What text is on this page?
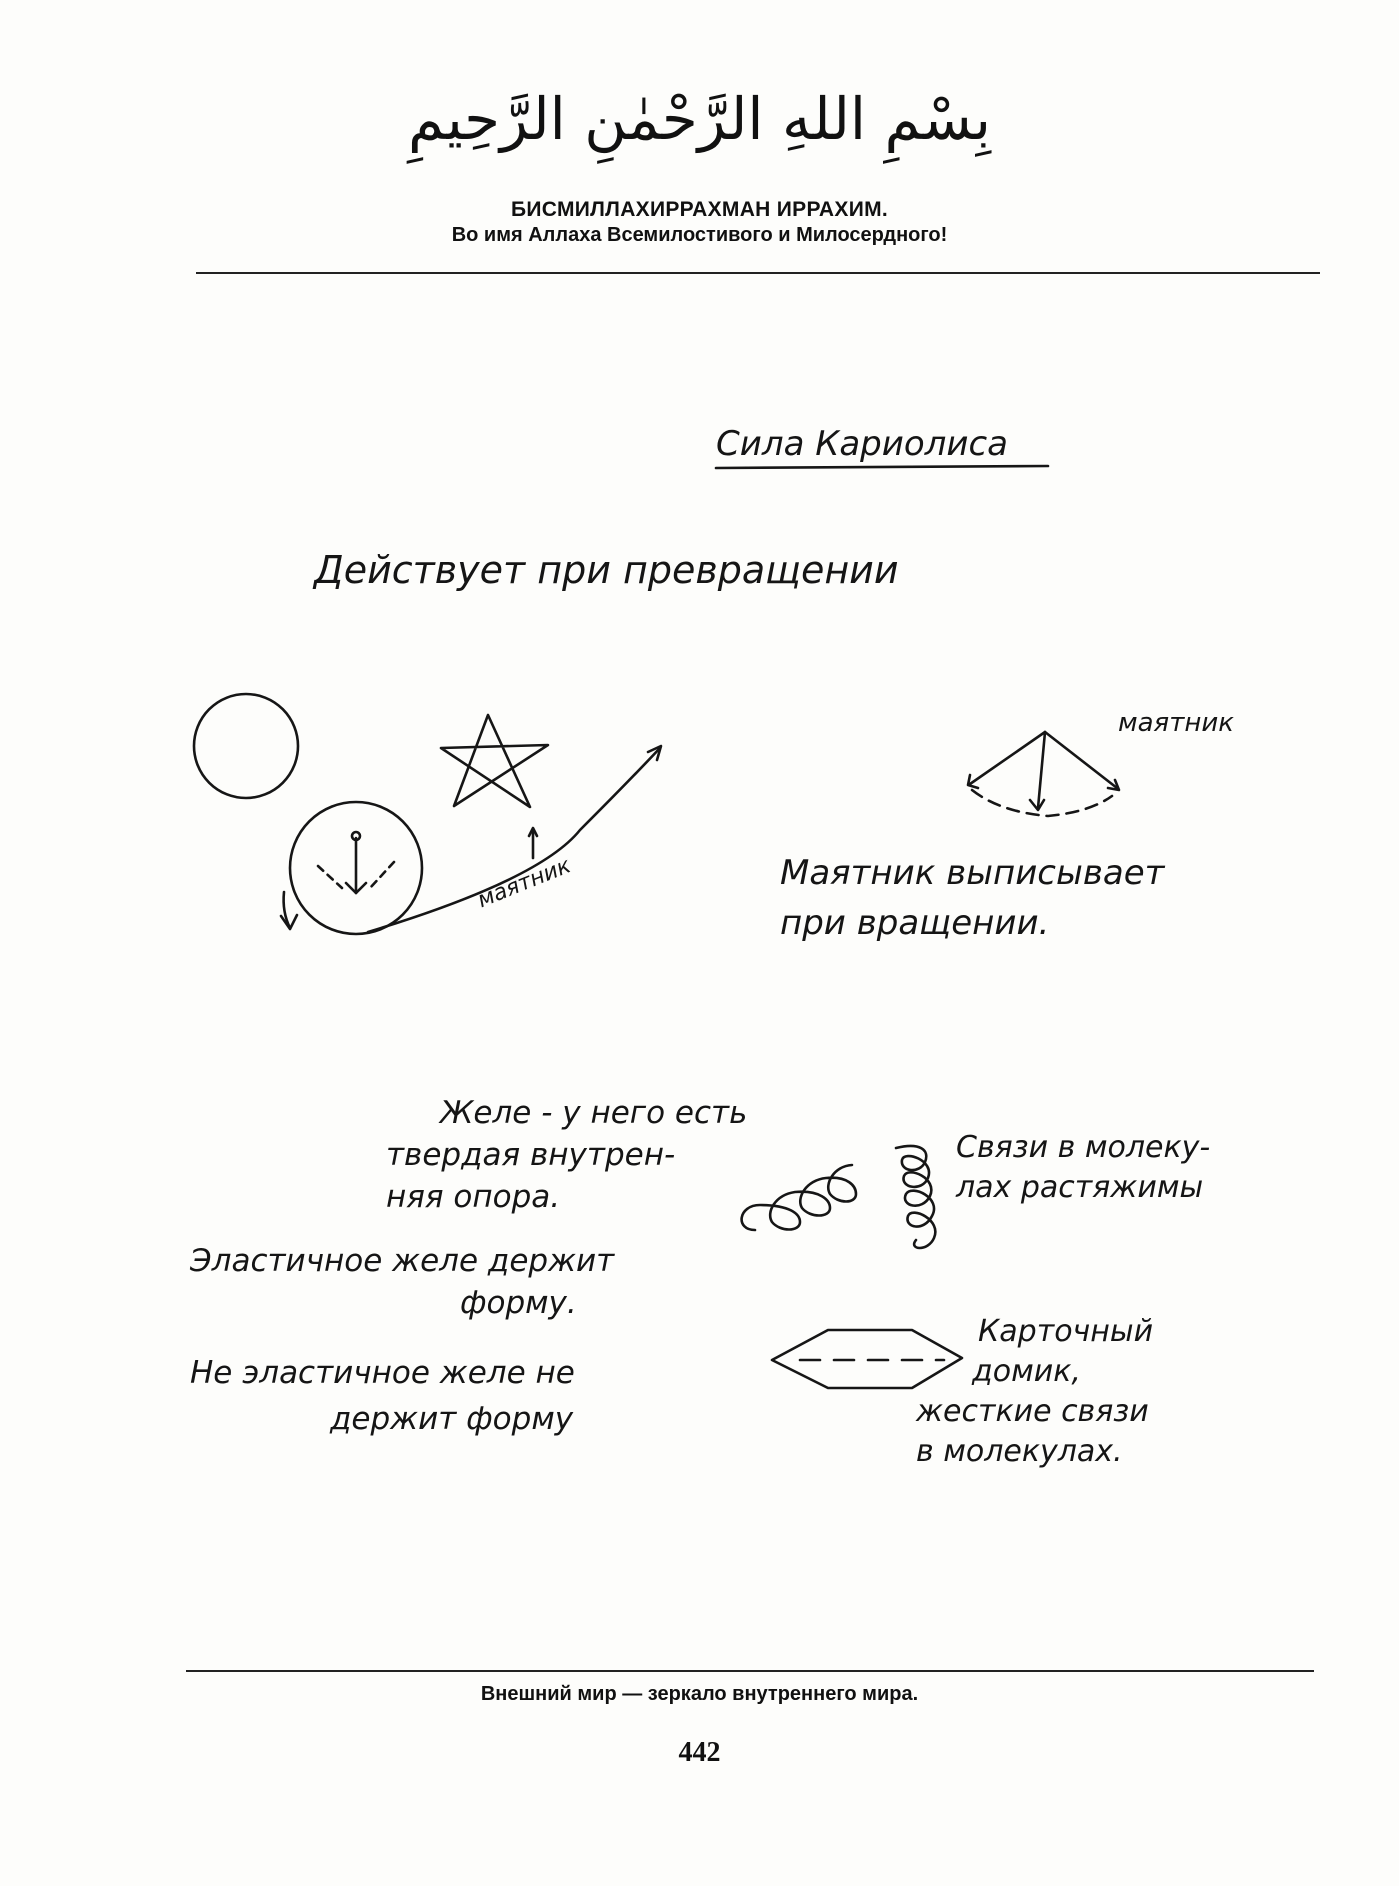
بِسْمِ اللهِ الرَّحْمٰنِ الرَّحِيمِ
БИСМИЛЛАХИРРАХМАН ИРРАХИМ.
Во имя Аллаха Всемилостивого и Милосердного!
Сила Кариолиса
Действует при превращении
маятник
маятник	Маятник выписывает
при вращении.
Желе - у него есть
твердая внутрен-
няя опора.
Связи в молеку-
лах растяжимы
Эластичное желе держит
форму.
Не эластичное желе не
держит форму
Карточный
домик,
жесткие связи
в молекулах.
Внешний мир — зеркало внутреннего мира.
442
